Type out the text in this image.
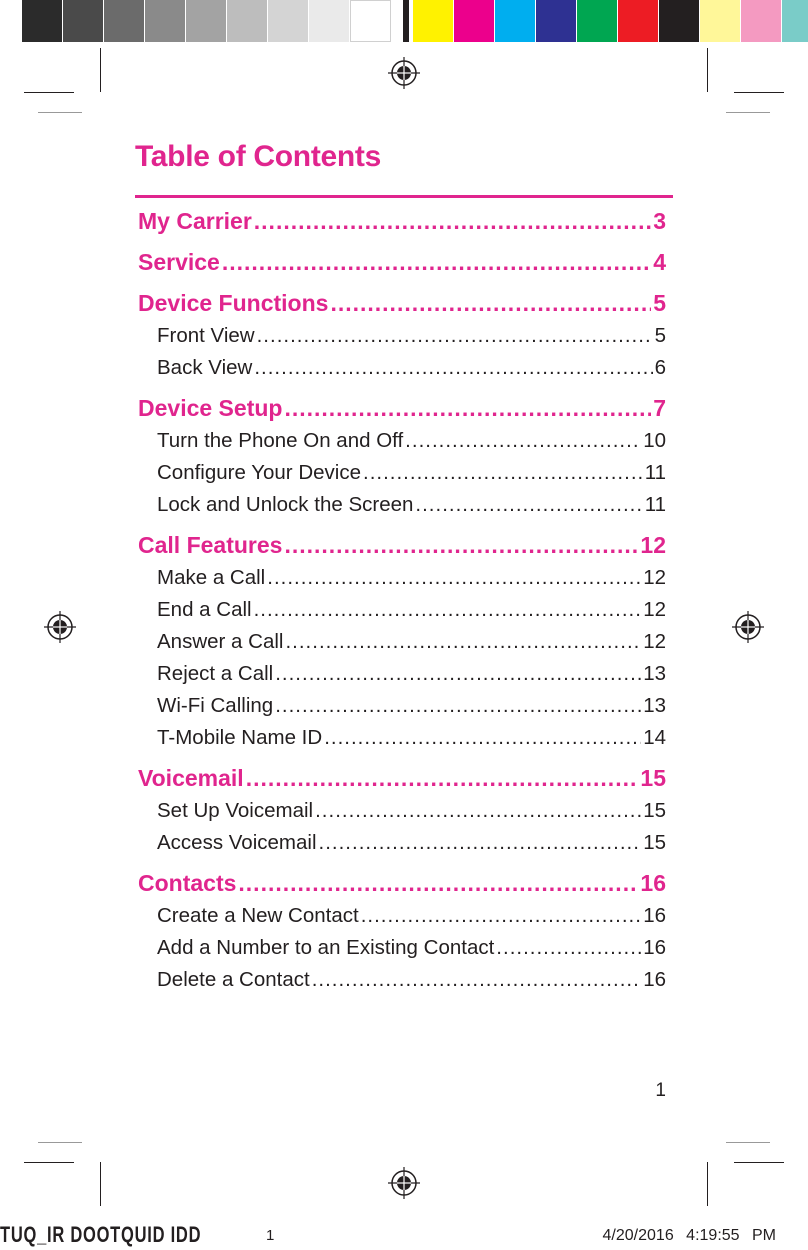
Table of Contents
My Carrier .....	3
Service .....	4
Device Functions .....	5
Front View .....	5
Back View .....	6
Device Setup .....	7
Turn the Phone On and Off .....	10
Configure Your Device .....	11
Lock and Unlock the Screen .....	11
Call Features .....	12
Make a Call .....	12
End a Call .....	12
Answer a Call .....	12
Reject a Call .....	13
Wi-Fi Calling .....	13
T-Mobile Name ID .....	14
Voicemail .....	15
Set Up Voicemail .....	15
Access Voicemail .....	15
Contacts .....	16
Create a New Contact .....	16
Add a Number to an Existing Contact .....	16
Delete a Contact .....	16
1
TUQ_IR DOOTQUID IDD	1	4/20/2016 4:19:55 PM
